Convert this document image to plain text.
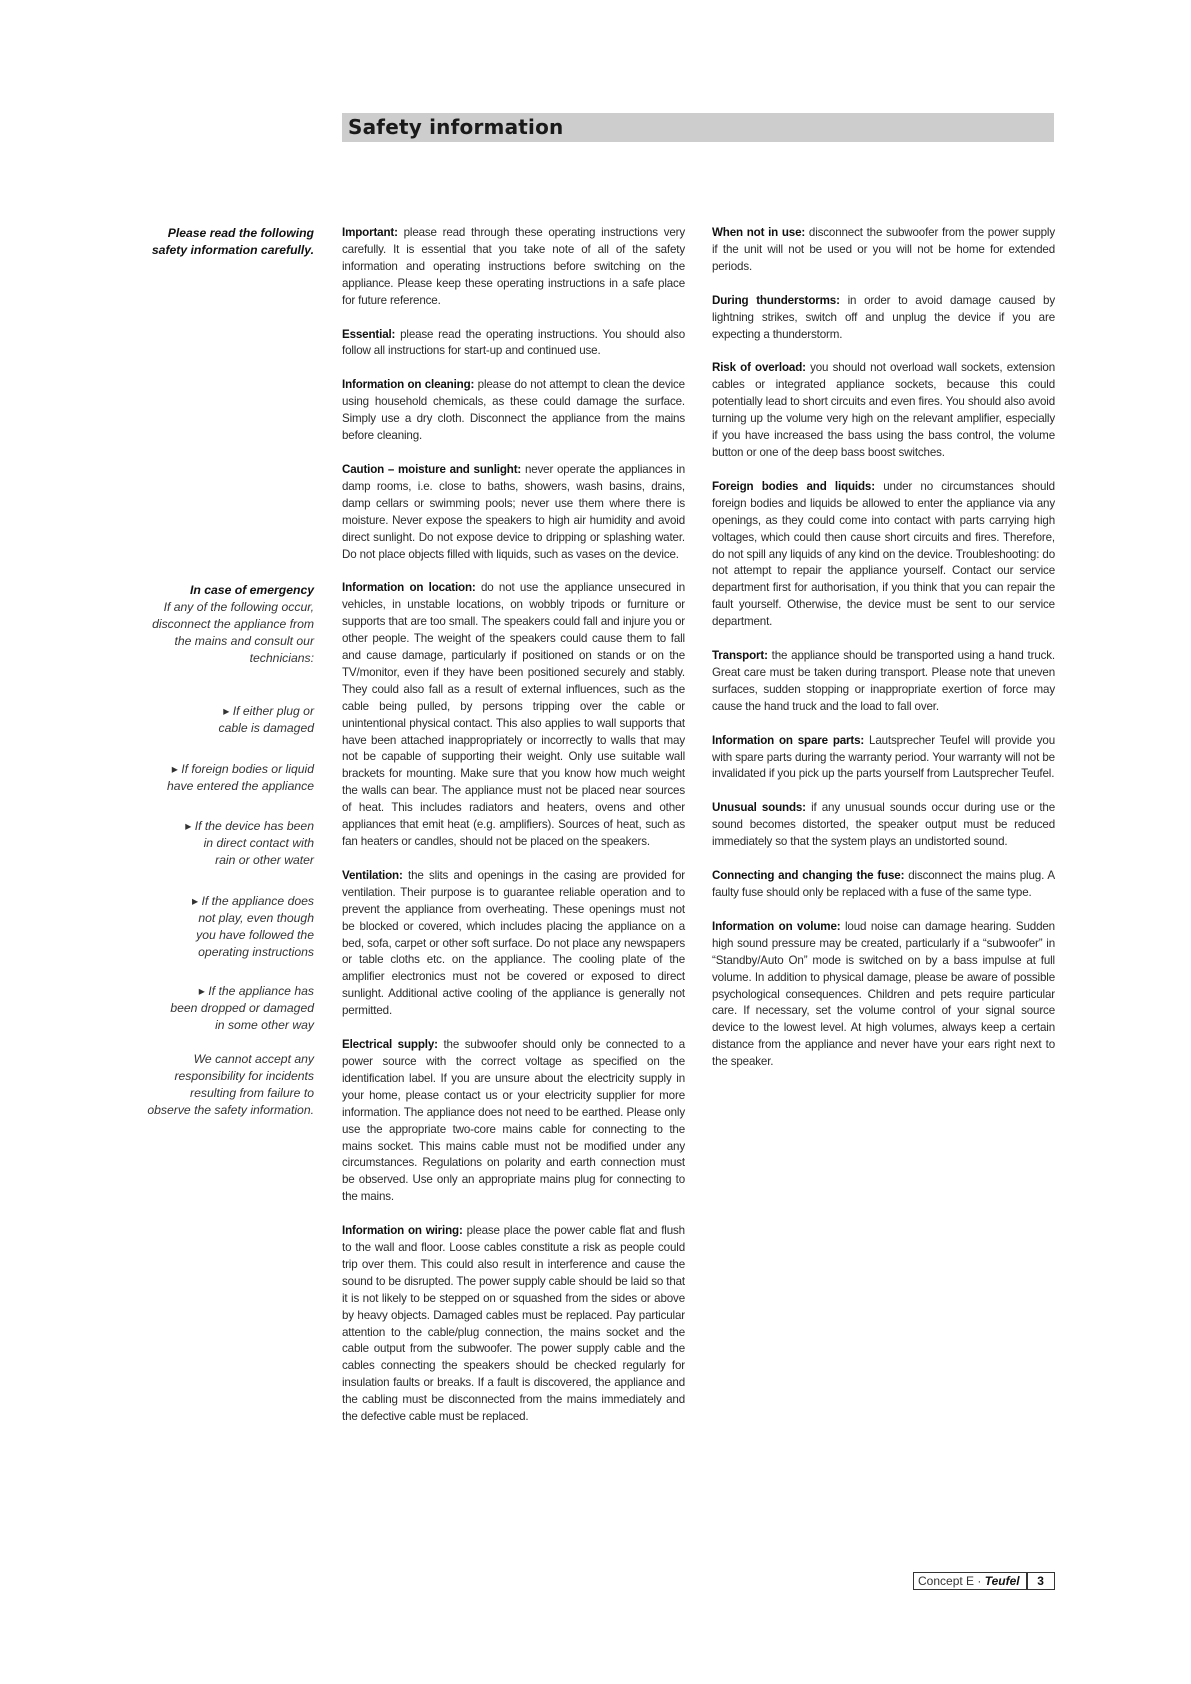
Safety information
Please read the following
safety information carefully.
In case of emergency
If any of the following occur,
disconnect the appliance from
the mains and consult our
technicians:
▸ If either plug or
cable is damaged
▸ If foreign bodies or liquid
have entered the appliance
▸ If the device has been
in direct contact with
rain or other water
▸ If the appliance does
not play, even though
you have followed the
operating instructions
▸ If the appliance has
been dropped or damaged
in some other way
We cannot accept any
responsibility for incidents
resulting from failure to
observe the safety information.

Important: please read through these operating instructions very carefully. It is essential that you take note of all of the safety information and operating instructions before switching on the appliance. Please keep these operating instructions in a safe place for future reference.

Essential: please read the operating instructions. You should also follow all instructions for start-up and continued use.

Information on cleaning: please do not attempt to clean the device using household chemicals, as these could damage the surface. Simply use a dry cloth. Disconnect the appliance from the mains before cleaning.

Caution – moisture and sunlight: never operate the appliances in damp rooms, i.e. close to baths, showers, wash basins, drains, damp cellars or swimming pools; never use them where there is moisture. Never expose the speakers to high air humidity and avoid direct sunlight. Do not expose device to dripping or splashing water. Do not place objects filled with liquids, such as vases on the device.

Information on location: do not use the appliance unsecured in vehicles, in unstable locations, on wobbly tripods or furniture or supports that are too small. The speakers could fall and injure you or other people. The weight of the speakers could cause them to fall and cause damage, particularly if positioned on stands or on the TV/monitor, even if they have been positioned securely and stably. They could also fall as a result of external influences, such as the cable being pulled, by persons tripping over the cable or unintentional physical contact. This also applies to wall supports that have been attached inappropriately or incorrectly to walls that may not be capable of supporting their weight. Only use suitable wall brackets for mounting. Make sure that you know how much weight the walls can bear. The appliance must not be placed near sources of heat. This includes radiators and heaters, ovens and other appliances that emit heat (e.g. amplifiers). Sources of heat, such as fan heaters or candles, should not be placed on the speakers.

Ventilation: the slits and openings in the casing are provided for ventilation. Their purpose is to guarantee reliable operation and to prevent the appliance from overheating. These openings must not be blocked or covered, which includes placing the appliance on a bed, sofa, carpet or other soft surface. Do not place any newspapers or table cloths etc. on the appliance. The cooling plate of the amplifier electronics must not be covered or exposed to direct sunlight. Additional active cooling of the appliance is generally not permitted.

Electrical supply: the subwoofer should only be connected to a power source with the correct voltage as specified on the identification label. If you are unsure about the electricity supply in your home, please contact us or your electricity supplier for more information. The appliance does not need to be earthed. Please only use the appropriate two-core mains cable for connecting to the mains socket. This mains cable must not be modified under any circumstances. Regulations on polarity and earth connection must be observed. Use only an appropriate mains plug for connecting to the mains.

Information on wiring: please place the power cable flat and flush to the wall and floor. Loose cables constitute a risk as people could trip over them. This could also result in interference and cause the sound to be disrupted. The power supply cable should be laid so that it is not likely to be stepped on or squashed from the sides or above by heavy objects. Damaged cables must be replaced. Pay particular attention to the cable/plug connection, the mains socket and the cable output from the subwoofer. The power supply cable and the cables connecting the speakers should be checked regularly for insulation faults or breaks. If a fault is discovered, the appliance and the cabling must be disconnected from the mains immediately and the defective cable must be replaced.

When not in use: disconnect the subwoofer from the power supply if the unit will not be used or you will not be home for extended periods.

During thunderstorms: in order to avoid damage caused by lightning strikes, switch off and unplug the device if you are expecting a thunderstorm.

Risk of overload: you should not overload wall sockets, extension cables or integrated appliance sockets, because this could potentially lead to short circuits and even fires. You should also avoid turning up the volume very high on the relevant amplifier, especially if you have increased the bass using the bass control, the volume button or one of the deep bass boost switches.

Foreign bodies and liquids: under no circumstances should foreign bodies and liquids be allowed to enter the appliance via any openings, as they could come into contact with parts carrying high voltages, which could then cause short circuits and fires. Therefore, do not spill any liquids of any kind on the device. Troubleshooting: do not attempt to repair the appliance yourself. Contact our service department first for authorisation, if you think that you can repair the fault yourself. Otherwise, the device must be sent to our service department.

Transport: the appliance should be transported using a hand truck. Great care must be taken during transport. Please note that uneven surfaces, sudden stopping or inappropriate exertion of force may cause the hand truck and the load to fall over.

Information on spare parts: Lautsprecher Teufel will provide you with spare parts during the warranty period. Your warranty will not be invalidated if you pick up the parts yourself from Lautsprecher Teufel.

Unusual sounds: if any unusual sounds occur during use or the sound becomes distorted, the speaker output must be reduced immediately so that the system plays an undistorted sound.

Connecting and changing the fuse: disconnect the mains plug. A faulty fuse should only be replaced with a fuse of the same type.

Information on volume: loud noise can damage hearing. Sudden high sound pressure may be created, particularly if a “subwoofer” in “Standby/Auto On” mode is switched on by a bass impulse at full volume. In addition to physical damage, please be aware of possible psychological consequences. Children and pets require particular care. If necessary, set the volume control of your signal source device to the lowest level. At high volumes, always keep a certain distance from the appliance and never have your ears right next to the speaker.

Concept E · Teufel	3
